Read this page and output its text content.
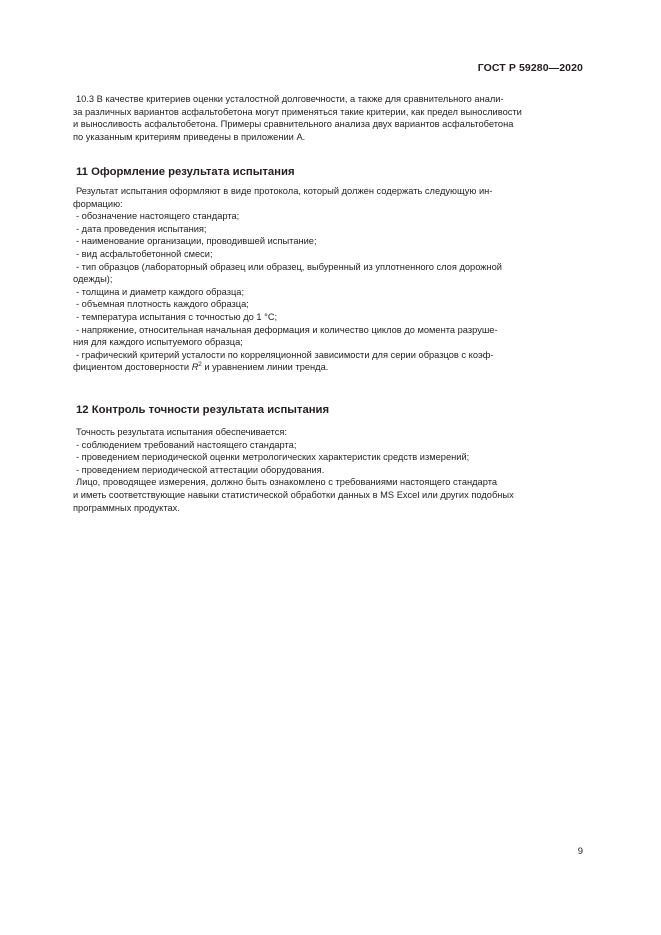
ГОСТ Р 59280—2020
10.3 В качестве критериев оценки усталостной долговечности, а также для сравнительного анали-
за различных вариантов асфальтобетона могут применяться такие критерии, как предел выносливости
и выносливость асфальтобетона. Примеры сравнительного анализа двух вариантов асфальтобетона
по указанным критериям приведены в приложении А.
11 Оформление результата испытания
Результат испытания оформляют в виде протокола, который должен содержать следующую ин-
формацию:
- обозначение настоящего стандарта;
- дата проведения испытания;
- наименование организации, проводившей испытание;
- вид асфальтобетонной смеси;
- тип образцов (лабораторный образец или образец, выбуренный из уплотненного слоя дорожной
одежды);
- толщина и диаметр каждого образца;
- объемная плотность каждого образца;
- температура испытания с точностью до 1 °С;
- напряжение, относительная начальная деформация и количество циклов до момента разруше-
ния для каждого испытуемого образца;
- графический критерий усталости по корреляционной зависимости для серии образцов с коэф-
фициентом достоверности $R^2$ и уравнением линии тренда.
12 Контроль точности результата испытания
Точность результата испытания обеспечивается:
- соблюдением требований настоящего стандарта;
- проведением периодической оценки метрологических характеристик средств измерений;
- проведением периодической аттестации оборудования.
Лицо, проводящее измерения, должно быть ознакомлено с требованиями настоящего стандарта
и иметь соответствующие навыки статистической обработки данных в MS Excel или других подобных
программных продуктах.
9
